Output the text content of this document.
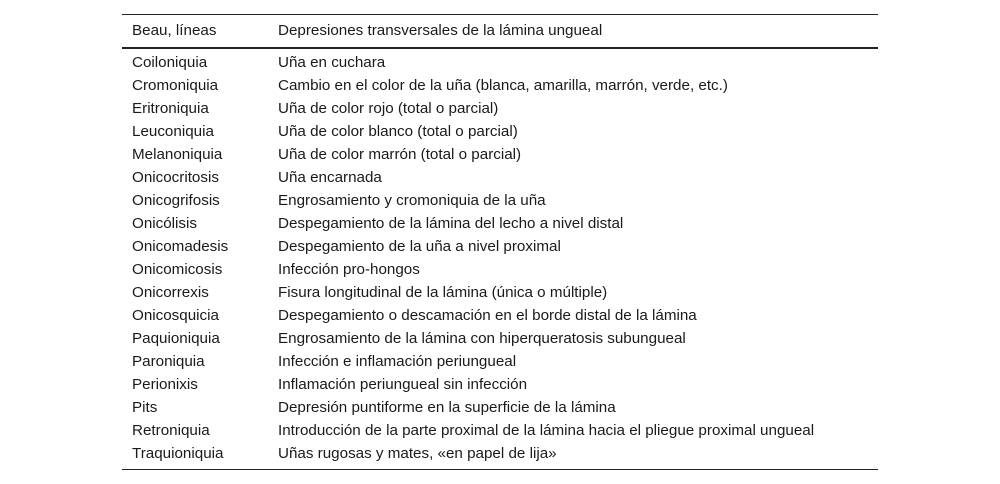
Beau, líneas	Depresiones transversales de la lámina ungueal
Coiloniquia	Uña en cuchara
Cromoniquia	Cambio en el color de la uña (blanca, amarilla, marrón, verde, etc.)
Eritroniquia	Uña de color rojo (total o parcial)
Leuconiquia	Uña de color blanco (total o parcial)
Melanoniquia	Uña de color marrón (total o parcial)
Onicocritosis	Uña encarnada
Onicogrifosis	Engrosamiento y cromoniquia de la uña
Onicólisis	Despegamiento de la lámina del lecho a nivel distal
Onicomadesis	Despegamiento de la uña a nivel proximal
Onicomicosis	Infección pro-hongos
Onicorrexis	Fisura longitudinal de la lámina (única o múltiple)
Onicosquicia	Despegamiento o descamación en el borde distal de la lámina
Paquioniquia	Engrosamiento de la lámina con hiperqueratosis subungueal
Paroniquia	Infección e inflamación periungueal
Perionixis	Inflamación periungueal sin infección
Pits	Depresión puntiforme en la superficie de la lámina
Retroniquia	Introducción de la parte proximal de la lámina hacia el pliegue proximal ungueal
Traquioniquia	Uñas rugosas y mates, «en papel de lija»
